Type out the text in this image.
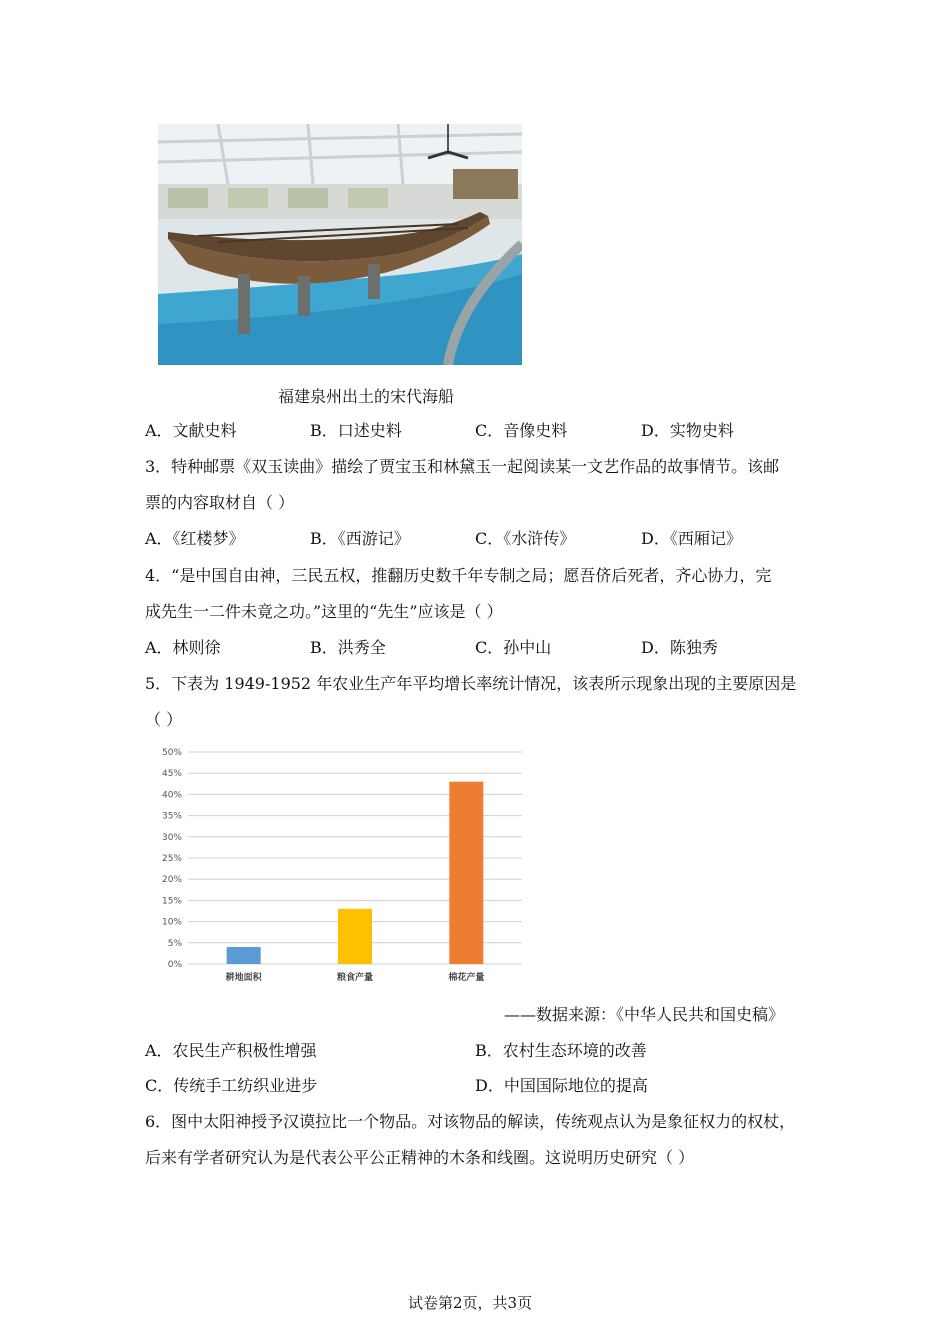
福建泉州出土的宋代海船
A．文献史料	B．口述史料	C．音像史料	D．实物史料
3．特种邮票《双玉读曲》描绘了贾宝玉和林黛玉一起阅读某一文艺作品的故事情节。该邮
票的内容取材自（ ）
A．《红楼梦》	B．《西游记》	C．《水浒传》	D．《西厢记》
4．“是中国自由神，三民五权，推翻历史数千年专制之局；愿吾侪后死者，齐心协力，完
成先生一二件未竟之功。”这里的“先生”应该是（ ）
A．林则徐	B．洪秀全	C．孙中山	D．陈独秀
5．下表为 1949-1952 年农业生产年平均增长率统计情况，该表所示现象出现的主要原因是
（ ）
0%
5%
10%
15%
20%
25%
30%
35%
40%
45%
50%
耕地面积	粮食产量	棉花产量
——数据来源：《中华人民共和国史稿》
A．农民生产积极性增强	B．农村生态环境的改善
C．传统手工纺织业进步	D．中国国际地位的提高
6．图中太阳神授予汉谟拉比一个物品。对该物品的解读，传统观点认为是象征权力的权杖，
后来有学者研究认为是代表公平公正精神的木条和线圈。这说明历史研究（ ）
试卷第2页，共3页
